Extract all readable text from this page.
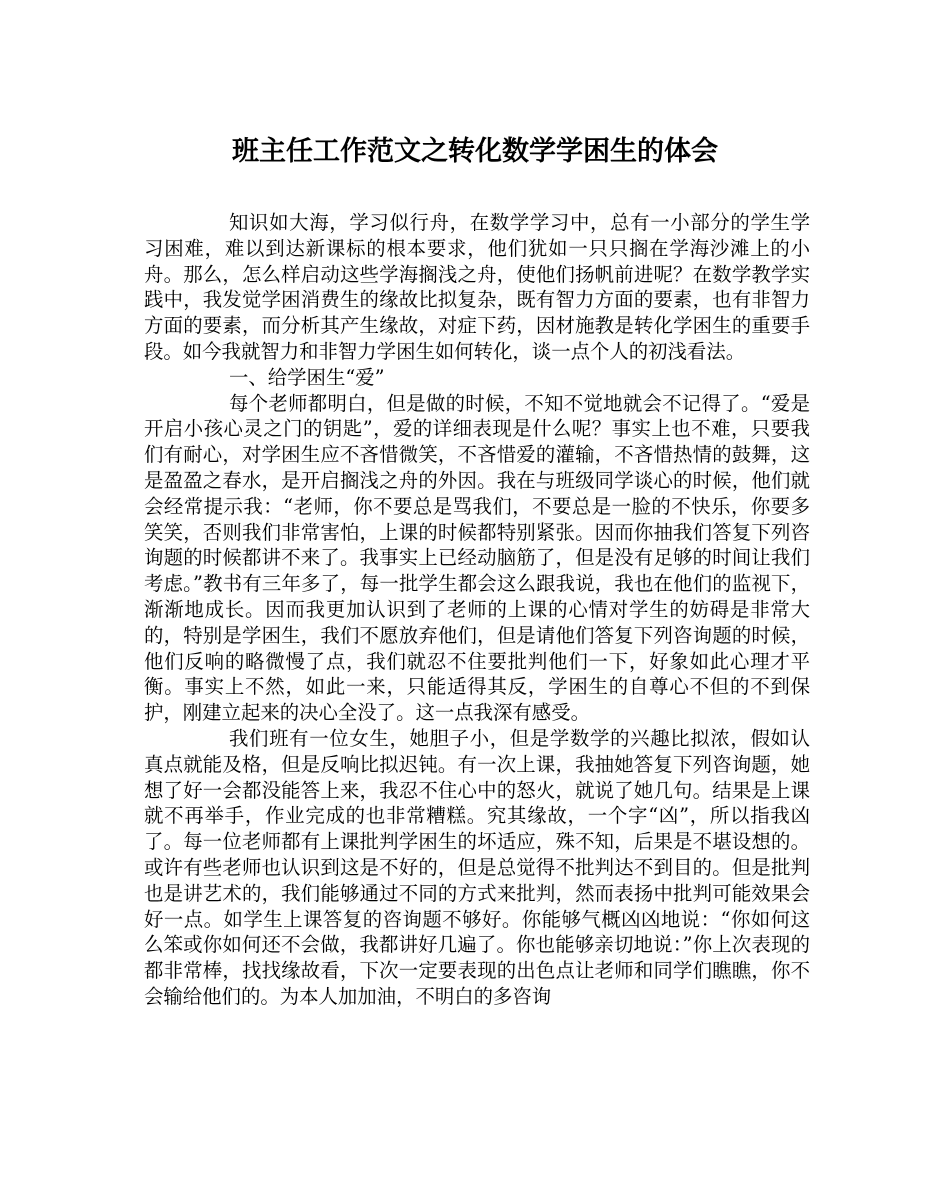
班主任工作范文之转化数学学困生的体会

知识如大海，学习似行舟，在数学学习中，总有一小部分的学生学习困难，难以到达新课标的根本要求，他们犹如一只只搁在学海沙滩上的小舟。那么，怎么样启动这些学海搁浅之舟，使他们扬帆前进呢？在数学教学实践中，我发觉学困消费生的缘故比拟复杂，既有智力方面的要素，也有非智力方面的要素，而分析其产生缘故，对症下药，因材施教是转化学困生的重要手段。如今我就智力和非智力学困生如何转化，谈一点个人的初浅看法。

一、给学困生“爱”

每个老师都明白，但是做的时候，不知不觉地就会不记得了。“爱是开启小孩心灵之门的钥匙”，爱的详细表现是什么呢？事实上也不难，只要我们有耐心，对学困生应不吝惜微笑，不吝惜爱的灌输，不吝惜热情的鼓舞，这是盈盈之春水，是开启搁浅之舟的外因。我在与班级同学谈心的时候，他们就会经常提示我：“老师，你不要总是骂我们，不要总是一脸的不快乐，你要多笑笑，否则我们非常害怕，上课的时候都特别紧张。因而你抽我们答复下列咨询题的时候都讲不来了。我事实上已经动脑筋了，但是没有足够的时间让我们考虑。”教书有三年多了，每一批学生都会这么跟我说，我也在他们的监视下，渐渐地成长。因而我更加认识到了老师的上课的心情对学生的妨碍是非常大的，特别是学困生，我们不愿放弃他们，但是请他们答复下列咨询题的时候，他们反响的略微慢了点，我们就忍不住要批判他们一下，好象如此心理才平衡。事实上不然，如此一来，只能适得其反，学困生的自尊心不但的不到保护，刚建立起来的决心全没了。这一点我深有感受。

我们班有一位女生，她胆子小，但是学数学的兴趣比拟浓，假如认真点就能及格，但是反响比拟迟钝。有一次上课，我抽她答复下列咨询题，她想了好一会都没能答上来，我忍不住心中的怒火，就说了她几句。结果是上课就不再举手，作业完成的也非常糟糕。究其缘故，一个字“凶”，所以指我凶了。每一位老师都有上课批判学困生的坏适应，殊不知，后果是不堪设想的。或许有些老师也认识到这是不好的，但是总觉得不批判达不到目的。但是批判也是讲艺术的，我们能够通过不同的方式来批判，然而表扬中批判可能效果会好一点。如学生上课答复的咨询题不够好。你能够气概凶凶地说：“你如何这么笨或你如何还不会做，我都讲好几遍了。你也能够亲切地说：”你上次表现的都非常棒，找找缘故看，下次一定要表现的出色点让老师和同学们瞧瞧，你不会输给他们的。为本人加加油，不明白的多咨询
